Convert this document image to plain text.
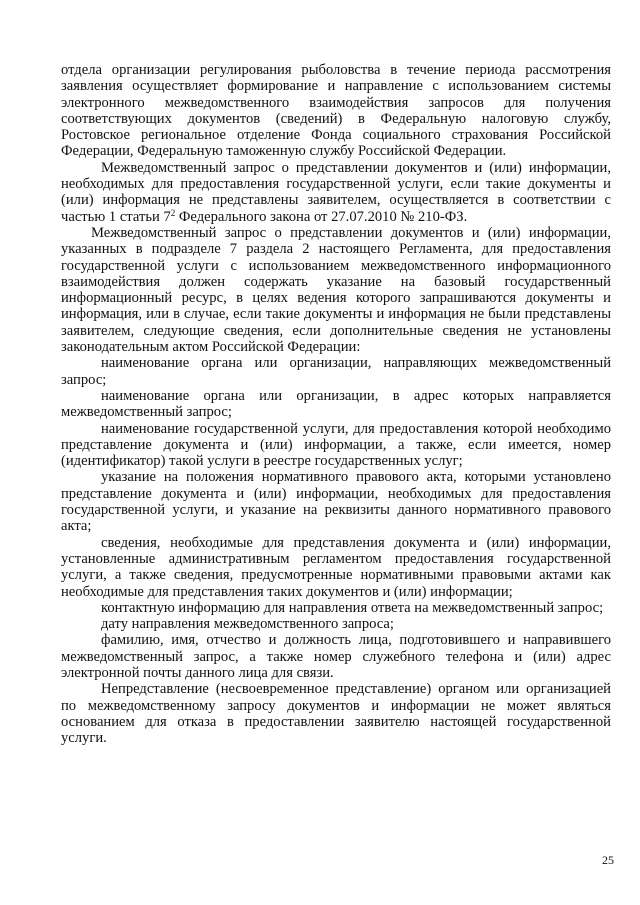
отдела организации регулирования рыболовства в течение периода рассмотрения заявления осуществляет формирование и направление с использованием системы электронного межведомственного взаимодействия запросов для получения соответствующих документов (сведений) в Федеральную налоговую службу, Ростовское региональное отделение Фонда социального страхования Российской Федерации, Федеральную таможенную службу Российской Федерации.

Межведомственный запрос о представлении документов и (или) информации, необходимых для предоставления государственной услуги, если такие документы и (или) информация не представлены заявителем, осуществляется в соответствии с частью 1 статьи $7^2$ Федерального закона от 27.07.2010 № 210-ФЗ.

Межведомственный запрос о представлении документов и (или) информации, указанных в подразделе 7 раздела 2 настоящего Регламента, для предоставления государственной услуги с использованием межведомственного информационного взаимодействия должен содержать указание на базовый государственный информационный ресурс, в целях ведения которого запрашиваются документы и информация, или в случае, если такие документы и информация не были представлены заявителем, следующие сведения, если дополнительные сведения не установлены законодательным актом Российской Федерации:

наименование органа или организации, направляющих межведомственный запрос;

наименование органа или организации, в адрес которых направляется межведомственный запрос;

наименование государственной услуги, для предоставления которой необходимо представление документа и (или) информации, а также, если имеется, номер (идентификатор) такой услуги в реестре государственных услуг;

указание на положения нормативного правового акта, которыми установлено представление документа и (или) информации, необходимых для предоставления государственной услуги, и указание на реквизиты данного нормативного правового акта;

сведения, необходимые для представления документа и (или) информации, установленные административным регламентом предоставления государственной услуги, а также сведения, предусмотренные нормативными правовыми актами как необходимые для представления таких документов и (или) информации;

контактную информацию для направления ответа на межведомственный запрос;

дату направления межведомственного запроса;

фамилию, имя, отчество и должность лица, подготовившего и направившего межведомственный запрос, а также номер служебного телефона и (или) адрес электронной почты данного лица для связи.

Непредставление (несвоевременное представление) органом или организацией по межведомственному запросу документов и информации не может являться основанием для отказа в предоставлении заявителю настоящей государственной услуги.

25
